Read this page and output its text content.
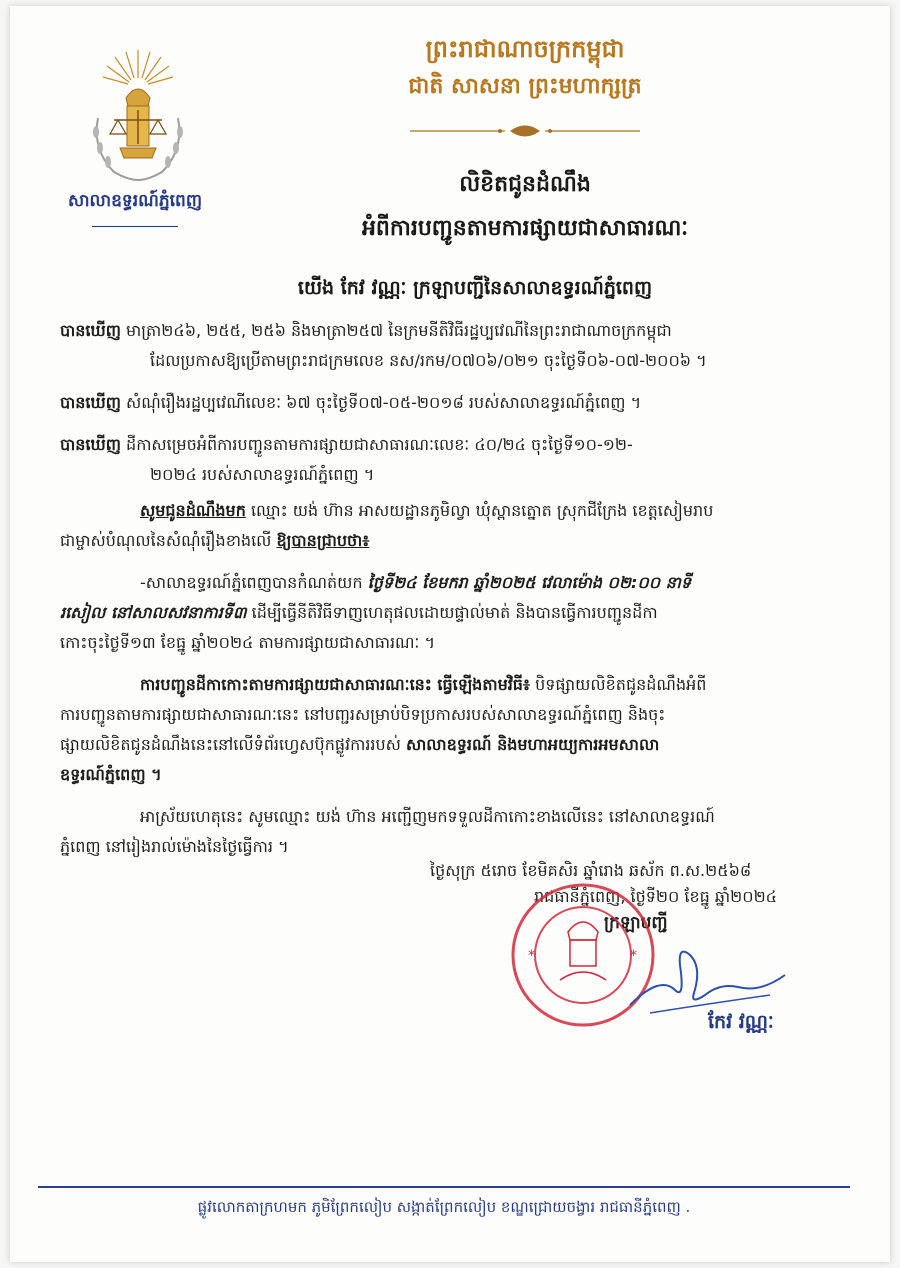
សាលាឧទ្ធរណ៍ភ្នំពេញ
ព្រះរាជាណាចក្រកម្ពុជា
ជាតិ សាសនា ព្រះមហាក្សត្រ
លិខិតជូនដំណឹង
អំពីការបញ្ជូនតាមការផ្សាយជាសាធារណៈ
យើង កែវ វណ្ណៈ ក្រឡាបញ្ជីនៃសាលាឧទ្ធរណ៍ភ្នំពេញ
បានឃើញ មាត្រា២៤៦, ២៥៥, ២៥៦ និងមាត្រា២៥៧ នៃក្រមនីតិវិធីរដ្ឋប្បវេណីនៃព្រះរាជាណាចក្រកម្ពុជា
ដែលប្រកាសឱ្យប្រើតាមព្រះរាជក្រមលេខ នស/រកម/០៧០៦/០២១ ចុះថ្ងៃទី០៦-០៧-២០០៦ ។
បានឃើញ សំណុំរឿងរដ្ឋប្បវេណីលេខៈ ៦៧ ចុះថ្ងៃទី០៧-០៥-២០១៨ របស់សាលាឧទ្ធរណ៍ភ្នំពេញ ។
បានឃើញ ដីកាសម្រេចអំពីការបញ្ជូនតាមការផ្សាយជាសាធារណៈលេខៈ ៤០/២៤ ចុះថ្ងៃទី១០-១២-
២០២៤ របស់សាលាឧទ្ធរណ៍ភ្នំពេញ ។
សូមជូនដំណឹងមក ឈ្មោះ យង់ ហ៊ាន អាសយដ្ឋានភូមិល្វា ឃុំស្ពានត្នោត ស្រុកជីក្រែង ខេត្តសៀមរាប
ជាម្ចាស់បំណុលនៃសំណុំរឿងខាងលើ ឱ្យបានជ្រាបថា៖
-សាលាឧទ្ធរណ៍ភ្នំពេញបានកំណត់យក ថ្ងៃទី២៤ ខែមករា ឆ្នាំ២០២៥ វេលាម៉ោង ០២:០០ នាទី
រសៀល នៅសាលសវនាការទី៣ ដើម្បីធ្វើនីតិវិធីទាញហេតុផលដោយផ្ទាល់មាត់ និងបានធ្វើការបញ្ជូនដីកា
កោះចុះថ្ងៃទី១៣ ខែធ្នូ ឆ្នាំ២០២៤ តាមការផ្សាយជាសាធារណៈ ។
ការបញ្ជូនដីកាកោះតាមការផ្សាយជាសាធារណៈនេះ ធ្វើឡើងតាមវិធី៖ បិទផ្សាយលិខិតជូនដំណឹងអំពី
ការបញ្ជូនតាមការផ្សាយជាសាធារណៈនេះ នៅបញ្ជរសម្រាប់បិទប្រកាសរបស់សាលាឧទ្ធរណ៍ភ្នំពេញ និងចុះ
ផ្សាយលិខិតជូនដំណឹងនេះនៅលើទំព័រហ្វេសប៊ុកផ្លូវការរបស់ សាលាឧទ្ធរណ៍ និងមហាអយ្យការអមសាលា
ឧទ្ធរណ៍ភ្នំពេញ ។
អាស្រ័យហេតុនេះ សូមឈ្មោះ យង់ ហ៊ាន អញ្ជើញមកទទួលដីកាកោះខាងលើនេះ នៅសាលាឧទ្ធរណ៍
ភ្នំពេញ នៅរៀងរាល់ម៉ោងនៃថ្ងៃធ្វើការ ។
ថ្ងៃសុក្រ ៥រោច ខែមិគសិរ ឆ្នាំរោង ឆស័ក ព.ស.២៥៦៨
រាជធានីភ្នំពេញ, ថ្ងៃទី២០ ខែធ្នូ ឆ្នាំ២០២៤
ក្រឡាបញ្ជី
*	*
កែវ វណ្ណៈ
ផ្លូវលោកតាក្រហមក ភូមិព្រែកលៀប សង្កាត់ព្រែកលៀប ខណ្ឌជ្រោយចង្វារ រាជធានីភ្នំពេញ .
